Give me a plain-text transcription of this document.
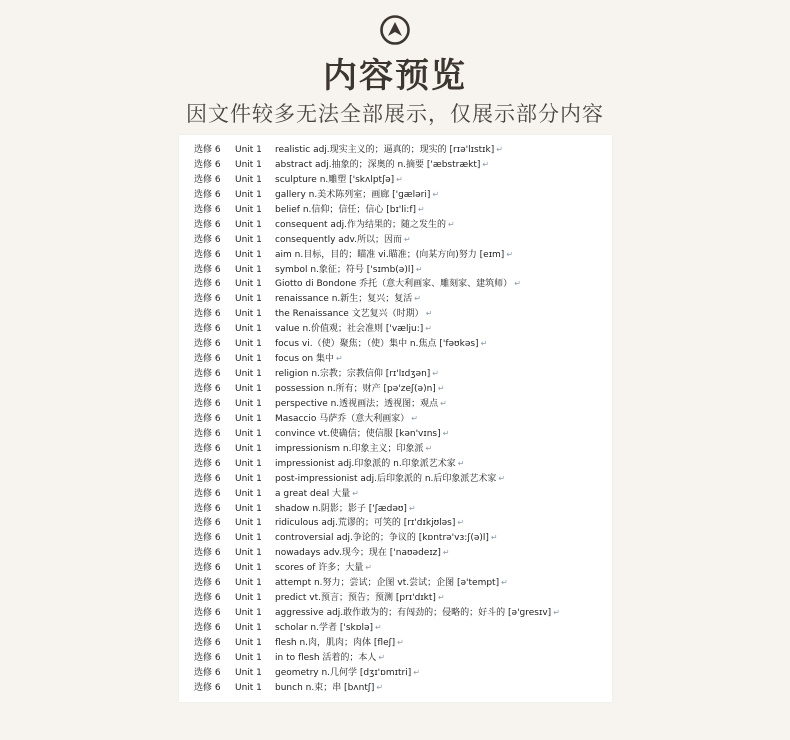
内容预览
因文件较多无法全部展示，仅展示部分内容
选修 6 Unit 1 realistic adj.现实主义的；逼真的；现实的 [rɪə'lɪstɪk] ↵
选修 6 Unit 1 abstract adj.抽象的；深奥的 n.摘要 ['æbstrækt] ↵
选修 6 Unit 1 sculpture n.雕塑 ['skʌlptʃə] ↵
选修 6 Unit 1 gallery n.美术陈列室；画廊 ['ɡæləri] ↵
选修 6 Unit 1 belief n.信仰；信任；信心 [bɪ'li:f] ↵
选修 6 Unit 1 consequent adj.作为结果的；随之发生的 ↵
选修 6 Unit 1 consequently adv.所以；因而 ↵
选修 6 Unit 1 aim n.目标，目的；瞄准 vi.瞄准；(向某方向)努力 [eɪm] ↵
选修 6 Unit 1 symbol n.象征；符号 ['sɪmb(ə)l] ↵
选修 6 Unit 1 Giotto di Bondone 乔托（意大利画家、雕刻家、建筑师） ↵
选修 6 Unit 1 renaissance n.新生；复兴；复活 ↵
选修 6 Unit 1 the Renaissance 文艺复兴（时期） ↵
选修 6 Unit 1 value n.价值观；社会准则 ['vælju:] ↵
选修 6 Unit 1 focus vi.（使）聚焦；（使）集中 n.焦点 ['fəʊkəs] ↵
选修 6 Unit 1 focus on 集中 ↵
选修 6 Unit 1 religion n.宗教；宗教信仰 [rɪ'lɪdʒən] ↵
选修 6 Unit 1 possession n.所有；财产 [pə'zeʃ(ə)n] ↵
选修 6 Unit 1 perspective n.透视画法；透视图；观点 ↵
选修 6 Unit 1 Masaccio 马萨乔（意大利画家） ↵
选修 6 Unit 1 convince vt.使确信；使信服 [kən'vɪns] ↵
选修 6 Unit 1 impressionism n.印象主义；印象派 ↵
选修 6 Unit 1 impressionist adj.印象派的 n.印象派艺术家 ↵
选修 6 Unit 1 post-impressionist adj.后印象派的 n.后印象派艺术家 ↵
选修 6 Unit 1 a great deal 大量 ↵
选修 6 Unit 1 shadow n.阴影；影子 ['ʃædəʊ] ↵
选修 6 Unit 1 ridiculous adj.荒谬的；可笑的 [rɪ'dɪkjʊləs] ↵
选修 6 Unit 1 controversial adj.争论的；争议的 [kɒntrə'vɜ:ʃ(ə)l] ↵
选修 6 Unit 1 nowadays adv.现今；现在 ['naʊədeɪz] ↵
选修 6 Unit 1 scores of 许多；大量 ↵
选修 6 Unit 1 attempt n.努力；尝试；企图 vt.尝试；企图 [ə'tempt] ↵
选修 6 Unit 1 predict vt.预言；预告；预测 [prɪ'dɪkt] ↵
选修 6 Unit 1 aggressive adj.敢作敢为的；有闯劲的；侵略的；好斗的 [ə'ɡresɪv] ↵
选修 6 Unit 1 scholar n.学者 ['skɒlə] ↵
选修 6 Unit 1 flesh n.肉，肌肉；肉体 [fleʃ] ↵
选修 6 Unit 1 in to flesh 活着的；本人 ↵
选修 6 Unit 1 geometry n.几何学 [dʒɪ'ɒmɪtri] ↵
选修 6 Unit 1 bunch n.束；串 [bʌntʃ] ↵
